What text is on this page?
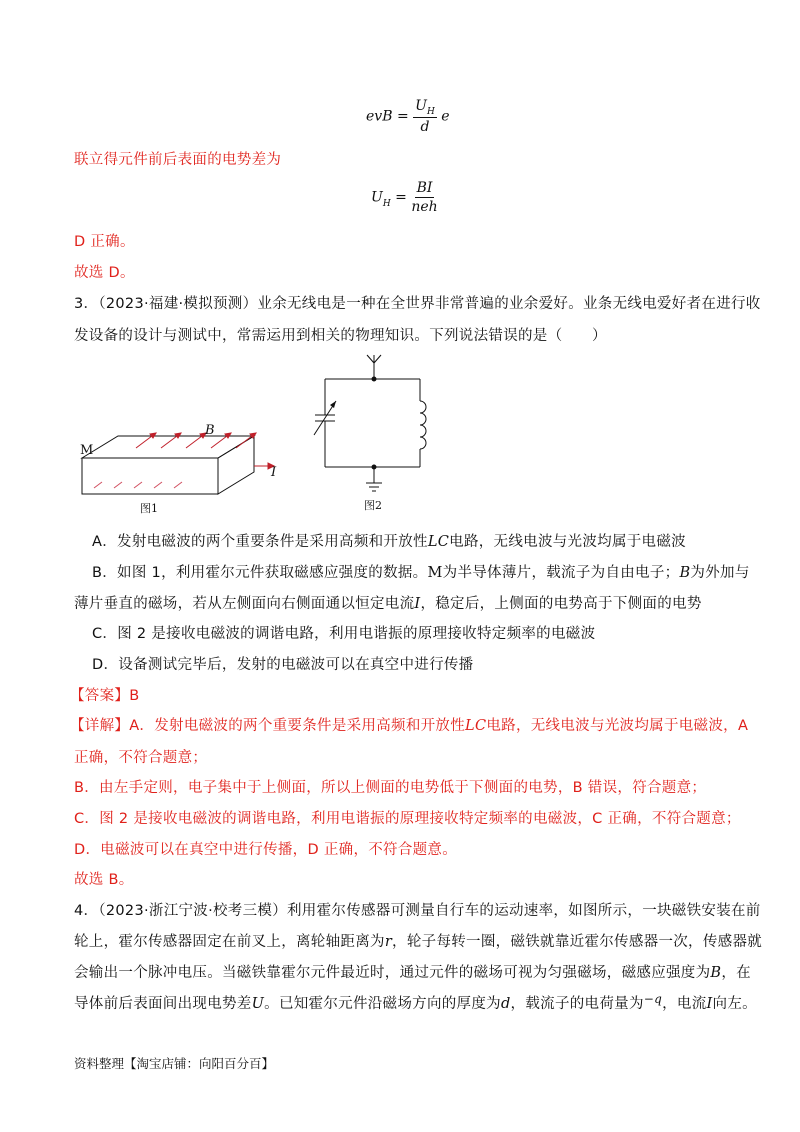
evB = $\frac{U_H}{d}$ e
联立得元件前后表面的电势差为
$U_H = \frac{BI}{\text{neh}}$
D 正确。
故选 D。
3．（2023·福建·模拟预测）业余无线电是一种在全世界非常普遍的业余爱好。业条无线电爱好者在进行收
发设备的设计与测试中，常需运用到相关的物理知识。下列说法错误的是（　　）
M
B
I
图1	图2
A．发射电磁波的两个重要条件是采用高频和开放性LC电路，无线电波与光波均属于电磁波
B．如图 1，利用霍尔元件获取磁感应强度的数据。M为半导体薄片，载流子为自由电子；B为外加与
薄片垂直的磁场，若从左侧面向右侧面通以恒定电流I，稳定后，上侧面的电势高于下侧面的电势
C．图 2 是接收电磁波的调谐电路，利用电谐振的原理接收特定频率的电磁波
D．设备测试完毕后，发射的电磁波可以在真空中进行传播
【答案】B
【详解】A．发射电磁波的两个重要条件是采用高频和开放性LC电路，无线电波与光波均属于电磁波，A
正确，不符合题意；
B．由左手定则，电子集中于上侧面，所以上侧面的电势低于下侧面的电势，B 错误，符合题意；
C．图 2 是接收电磁波的调谐电路，利用电谐振的原理接收特定频率的电磁波，C 正确，不符合题意；
D．电磁波可以在真空中进行传播，D 正确，不符合题意。
故选 B。
4．（2023·浙江宁波·校考三模）利用霍尔传感器可测量自行车的运动速率，如图所示，一块磁铁安装在前
轮上，霍尔传感器固定在前叉上，离轮轴距离为r，轮子每转一圈，磁铁就靠近霍尔传感器一次，传感器就
会输出一个脉冲电压。当磁铁靠霍尔元件最近时，通过元件的磁场可视为匀强磁场，磁感应强度为B，在
导体前后表面间出现电势差U。已知霍尔元件沿磁场方向的厚度为d，载流子的电荷量为$^{-q}$，电流I向左。
资料整理【淘宝店铺：向阳百分百】
